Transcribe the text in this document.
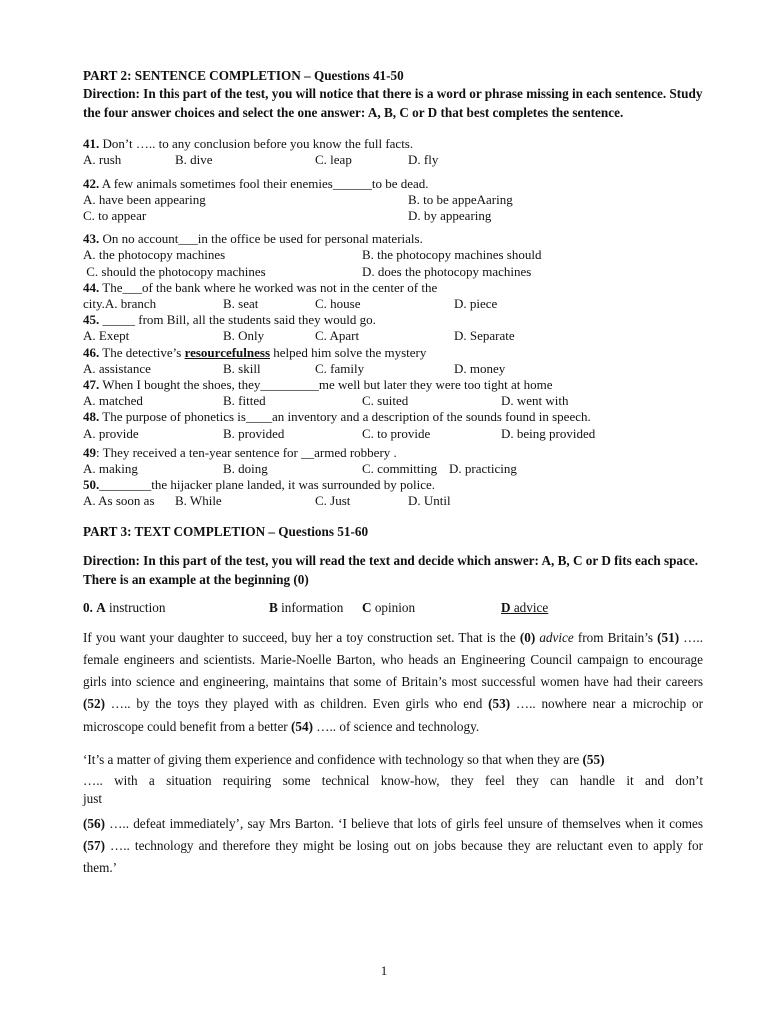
PART 2: SENTENCE COMPLETION – Questions 41-50
Direction: In this part of the test, you will notice that there is a word or phrase missing in each sentence. Study the four answer choices and select the one answer: A, B, C or D that best completes the sentence.
41. Don’t ….. to any conclusion before you know the full facts.
A. rush	B. dive	C. leap	D. fly
42. A few animals sometimes fool their enemies______to be dead.
A. have been appearing	B. to be appeAaring
C. to appear	D. by appearing
43. On no account___in the office be used for personal materials.
A. the photocopy machines	B. the photocopy machines should
C. should the photocopy machines	D. does the photocopy machines
44. The___of the bank where he worked was not in the center of the
city.A. branch	B. seat	C. house	D. piece
45. _____ from Bill, all the students said they would go.
A. Exept	B. Only	C. Apart	D. Separate
46. The detective’s resourcefulness helped him solve the mystery
A. assistance	B. skill	C. family	D. money
47. When I bought the shoes, they_________me well but later they were too tight at home
A. matched	B. fitted	C. suited	D. went with
48. The purpose of phonetics is____an inventory and a description of the sounds found in speech.
A. provide	B. provided	C. to provide	D. being provided
49: They received a ten-year sentence for __armed robbery .
A. making	B. doing	C. committing D. practicing
50.________the hijacker plane landed, it was surrounded by police.
A. As soon as B. While	C. Just	D. Until
PART 3: TEXT COMPLETION – Questions 51-60
Direction: In this part of the test, you will read the text and decide which answer: A, B, C or D fits each space. There is an example at the beginning (0)
0. A instruction	B information C opinion	D advice
If you want your daughter to succeed, buy her a toy construction set. That is the (0) advice from Britain’s (51) ….. female engineers and scientists. Marie-Noelle Barton, who heads an Engineering Council campaign to encourage girls into science and engineering, maintains that some of Britain’s most successful women have had their careers (52) ….. by the toys they played with as children. Even girls who end (53) ….. nowhere near a microchip or microscope could benefit from a better (54) ….. of science and technology.
‘It’s a matter of giving them experience and confidence with technology so that when they are (55)
….. with a situation requiring some technical know-how, they feel they can handle it and don’t
just
(56) ….. defeat immediately’, say Mrs Barton. ‘I believe that lots of girls feel unsure of themselves when it comes (57) ….. technology and therefore they might be losing out on jobs because they are reluctant even to apply for them.’
1
